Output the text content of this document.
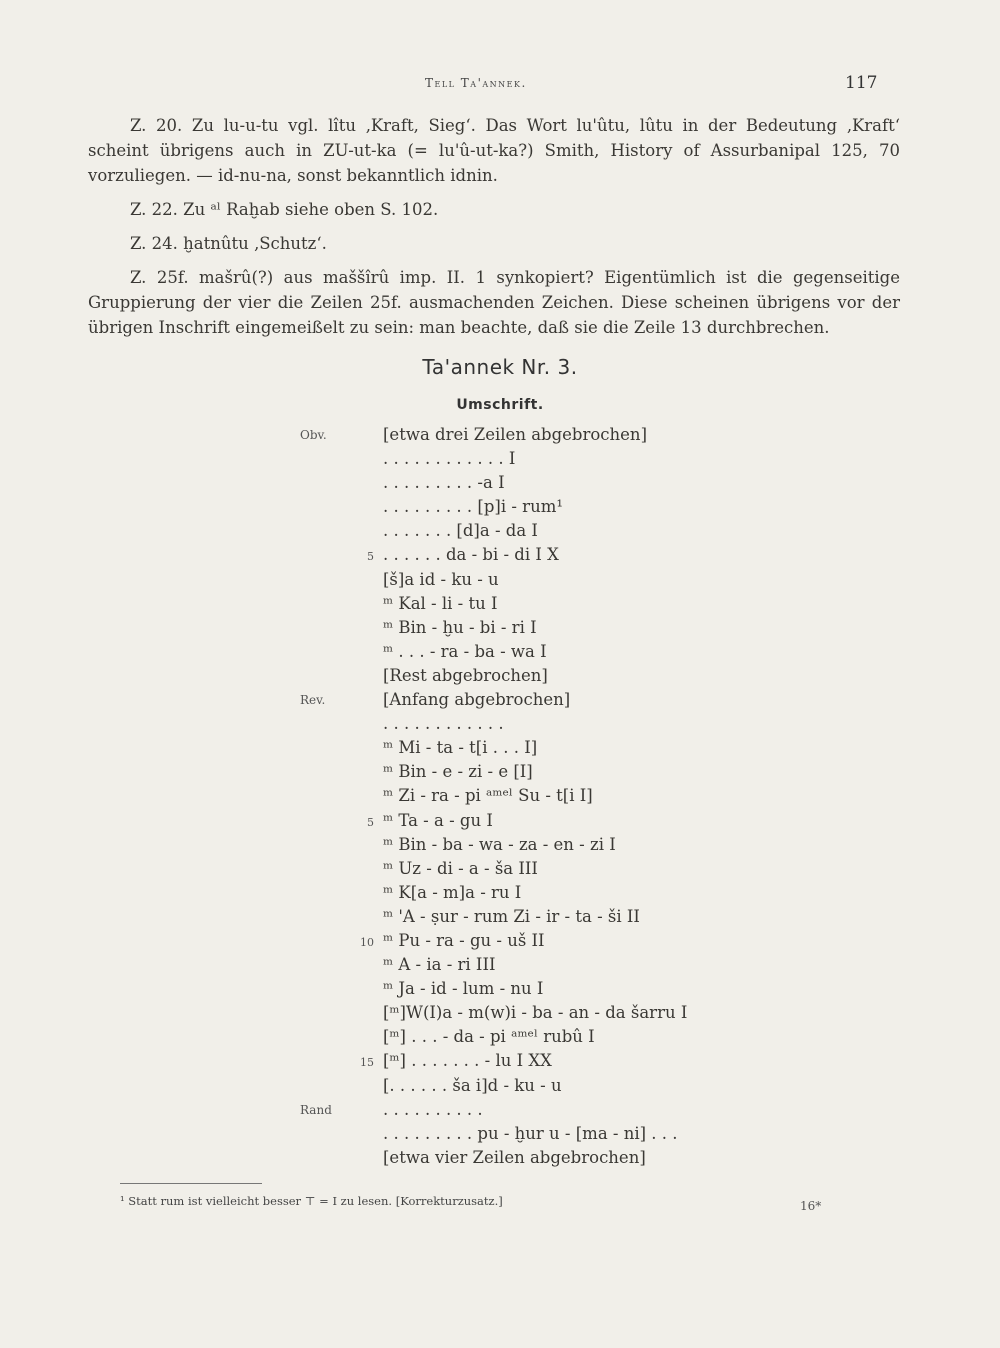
Tell Ta'annek.	117

Z. 20. Zu lu-u-tu vgl. lîtu ‚Kraft, Sieg‘. Das Wort lu'ûtu, lûtu in der Bedeutung ‚Kraft‘ scheint übrigens auch in ZU-ut-ka (= lu'û-ut-ka?) Smith, History of Assurbanipal 125, 70 vorzuliegen. — id-nu-na, sonst bekanntlich idnin.

Z. 22. Zu ᵃˡ Raḫab siehe oben S. 102.

Z. 24. ḫatnûtu ‚Schutz‘.

Z. 25f. mašrû(?) aus maššîrû imp. II. 1 synkopiert? Eigentümlich ist die gegenseitige Gruppierung der vier die Zeilen 25f. ausmachenden Zeichen. Diese scheinen übrigens vor der übrigen Inschrift eingemeißelt zu sein: man beachte, daß sie die Zeile 13 durchbrechen.

Ta'annek Nr. 3.
Umschrift.
Obv.	[etwa drei Zeilen abgebrochen]
. . . . . . . . . . . . I
. . . . . . . . . -a I
. . . . . . . . . [p]i - rum¹
. . . . . . . [d]a - da I
5 . . . . . . da - bi - di I X
[š]a id - ku - u
ᵐ Kal - li - tu I
ᵐ Bin - ḫu - bi - ri I
ᵐ . . . - ra - ba - wa I
[Rest abgebrochen]
Rev.	[Anfang abgebrochen]
. . . . . . . . . . . .
ᵐ Mi - ta - t[i . . . I]
ᵐ Bin - e - zi - e [I]
ᵐ Zi - ra - pi ᵃᵐᵉˡ Su - t[i I]
5 ᵐ Ta - a - gu I
ᵐ Bin - ba - wa - za - en - zi I
ᵐ Uz - di - a - ša III
ᵐ K[a - m]a - ru I
ᵐ 'A - ṣur - rum Zi - ir - ta - ši II
10 ᵐ Pu - ra - gu - uš II
ᵐ A - ia - ri III
ᵐ Ja - id - lum - nu I
[ᵐ]W(I)a - m(w)i - ba - an - da šarru I
[ᵐ] . . . - da - pi ᵃᵐᵉˡ rubû I
15 [ᵐ] . . . . . . . - lu I XX
[. . . . . . ša i]d - ku - u
Rand	. . . . . . . . . .
. . . . . . . . . pu - ḫur u - [ma - ni] . . .
[etwa vier Zeilen abgebrochen]
¹ Statt rum ist vielleicht besser ⊤ = I zu lesen. [Korrekturzusatz.]	16*
